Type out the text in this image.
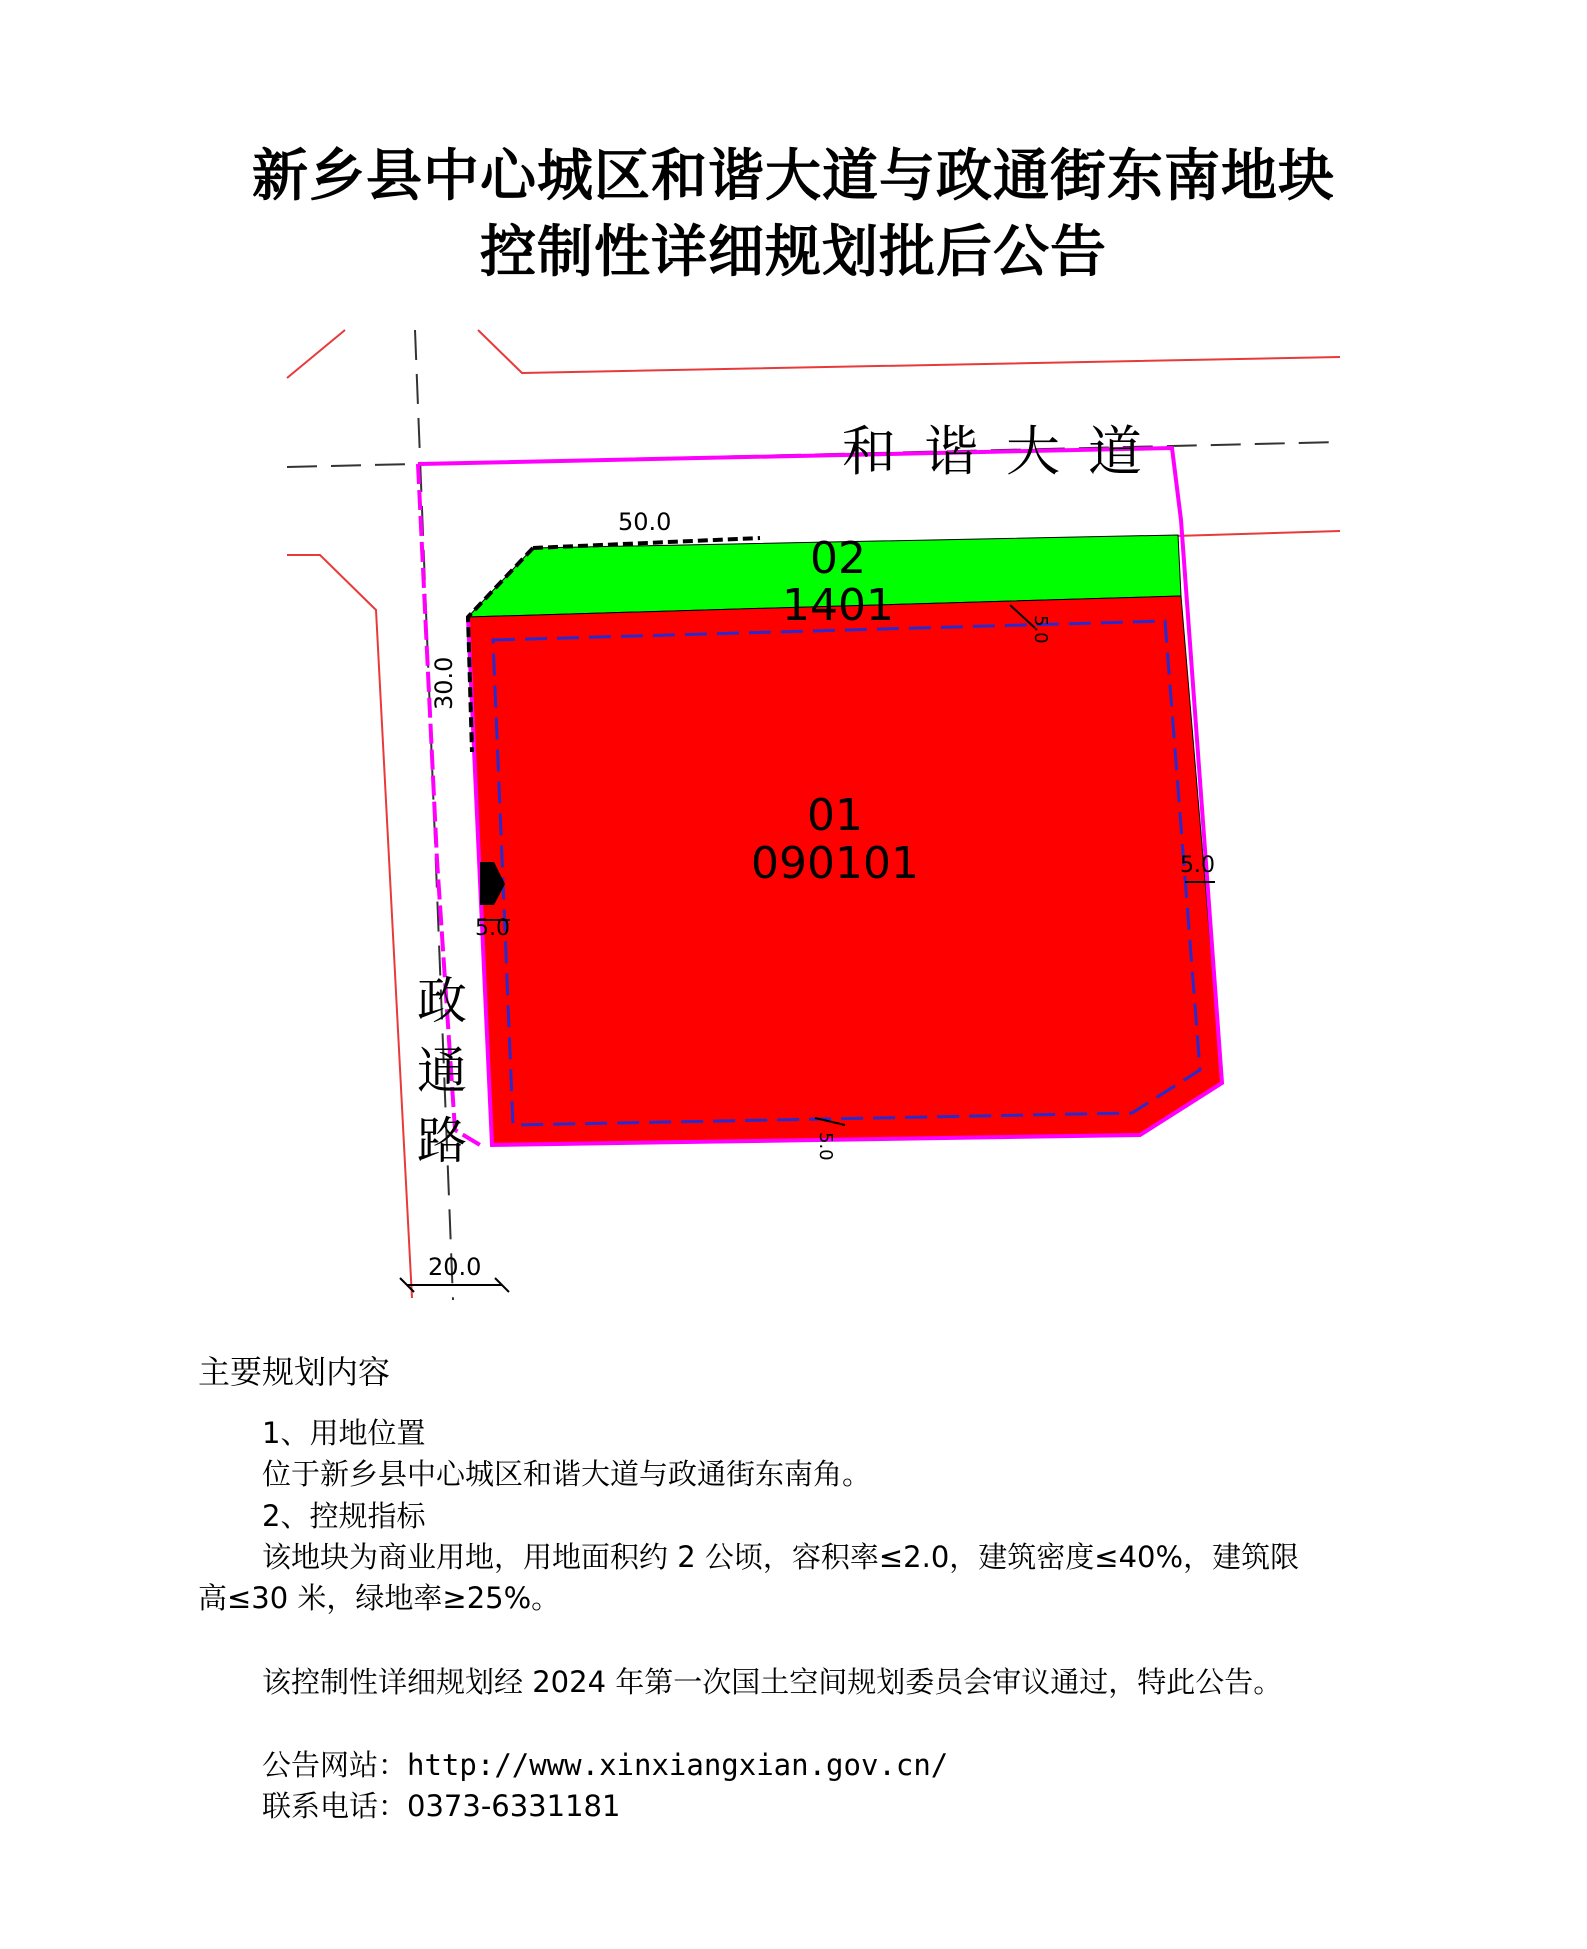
新乡县中心城区和谐大道与政通街东南地块
控制性详细规划批后公告
和谐大道
政
通
路
02
1401
01
090101
50.0
30.0
20.0
5.0
5.0
5.0
5.0
主要规划内容
1、用地位置
位于新乡县中心城区和谐大道与政通街东南角。
2、控规指标
该地块为商业用地，用地面积约 2 公顷，容积率≤2.0，建筑密度≤40%，建筑限
高≤30 米，绿地率≥25%。
该控制性详细规划经 2024 年第一次国土空间规划委员会审议通过，特此公告。
公告网站：http://www.xinxiangxian.gov.cn/
联系电话：0373-6331181
